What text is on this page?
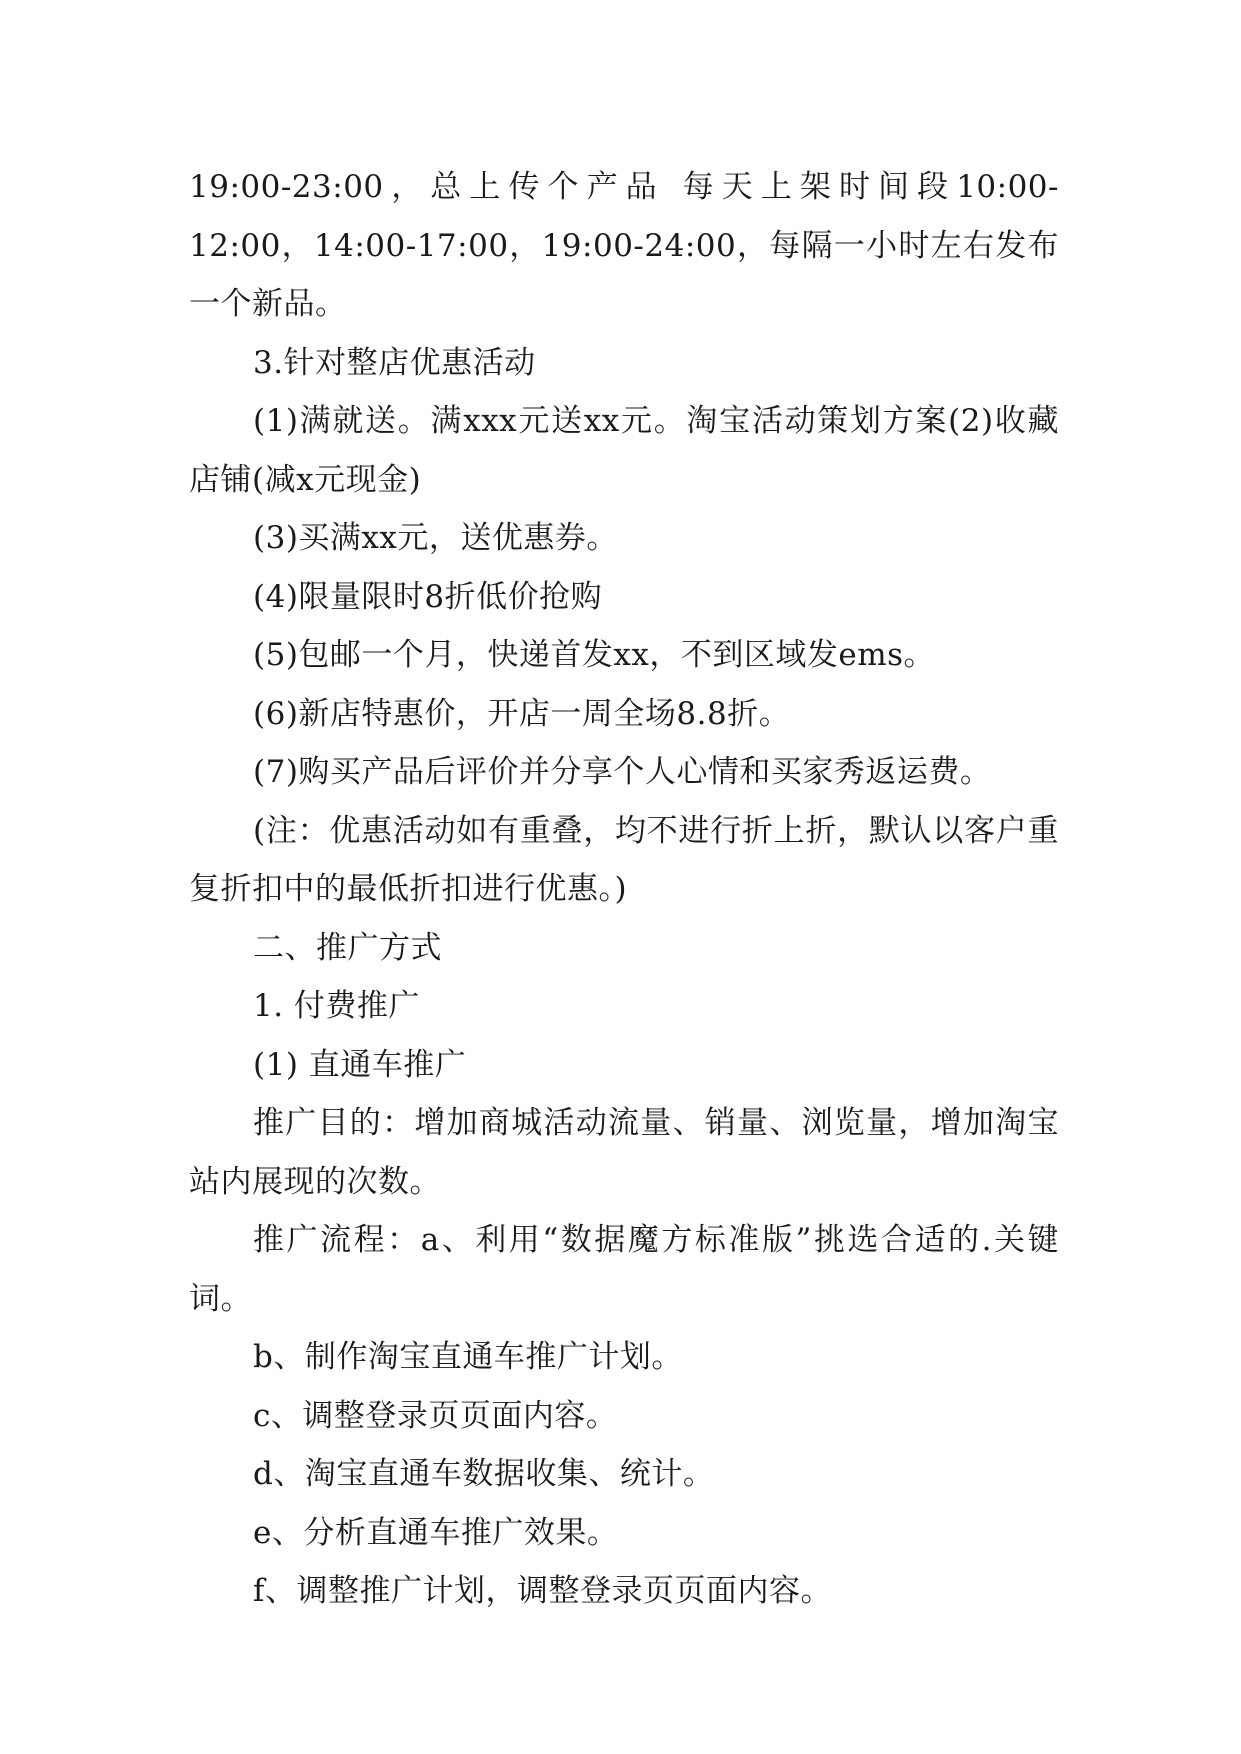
19:00-23:00，总上传个产品 每天上架时间段10:00-12:00，14:00-17:00，19:00-24:00，每隔一小时左右发布一个新品。

3.针对整店优惠活动

(1)满就送。满xxx元送xx元。淘宝活动策划方案(2)收藏店铺(减x元现金)

(3)买满xx元，送优惠券。

(4)限量限时8折低价抢购

(5)包邮一个月，快递首发xx，不到区域发ems。

(6)新店特惠价，开店一周全场8.8折。

(7)购买产品后评价并分享个人心情和买家秀返运费。

(注：优惠活动如有重叠，均不进行折上折，默认以客户重复折扣中的最低折扣进行优惠。)

二、推广方式

1. 付费推广

(1) 直通车推广

推广目的：增加商城活动流量、销量、浏览量，增加淘宝站内展现的次数。

推广流程：a、利用“数据魔方标准版”挑选合适的.关键词。

b、制作淘宝直通车推广计划。

c、调整登录页页面内容。

d、淘宝直通车数据收集、统计。

e、分析直通车推广效果。

f、调整推广计划，调整登录页页面内容。
